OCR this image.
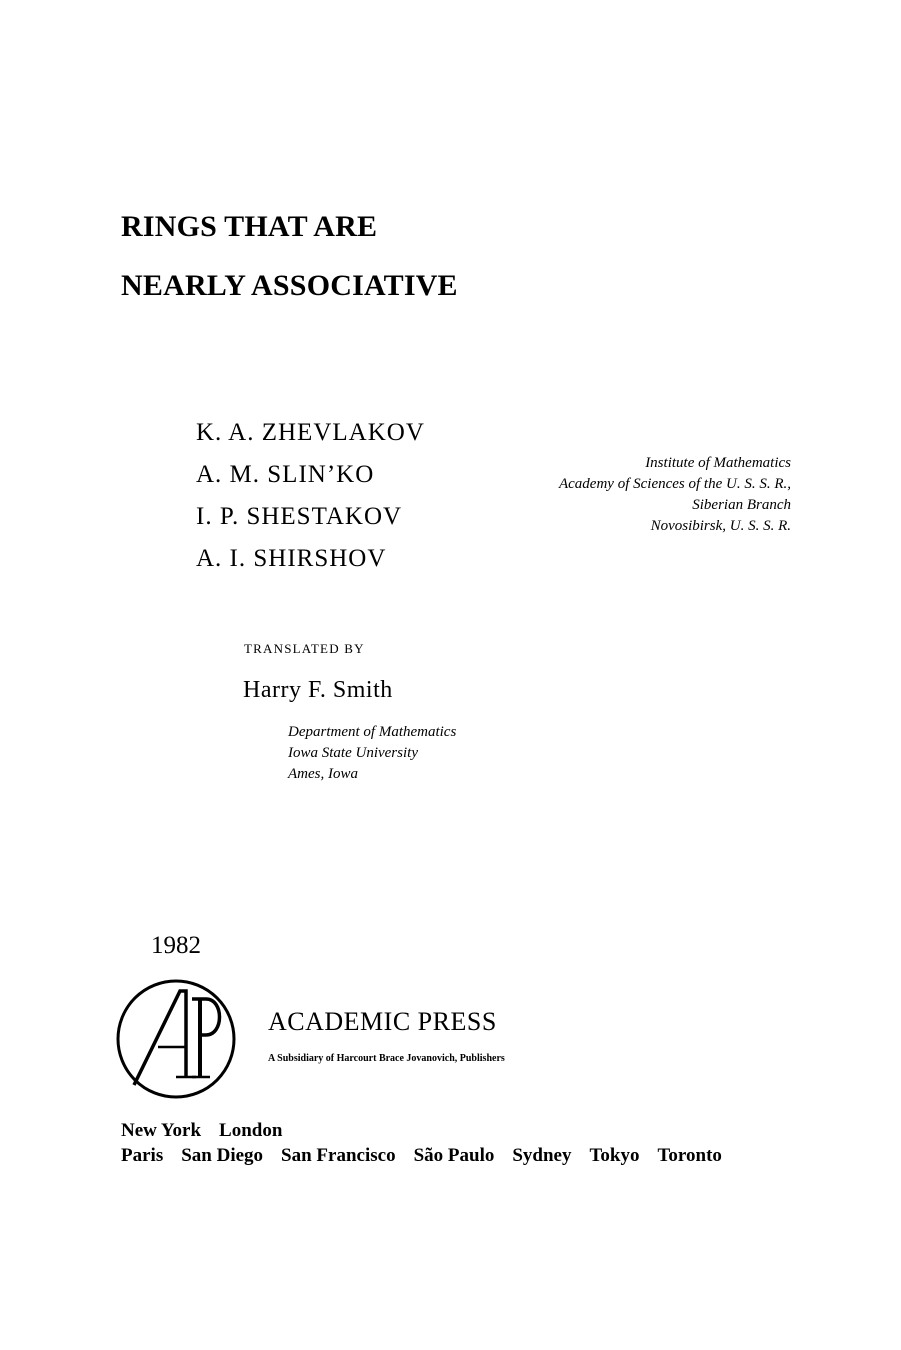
RINGS THAT ARE
NEARLY ASSOCIATIVE
K. A. ZHEVLAKOV
A. M. SLIN’KO
I. P. SHESTAKOV
A. I. SHIRSHOV
Institute of Mathematics
Academy of Sciences of the U. S. S. R.,
Siberian Branch
Novosibirsk, U. S. S. R.
TRANSLATED BY
Harry F. Smith
Department of Mathematics
Iowa State University
Ames, Iowa
1982
ACADEMIC PRESS
A Subsidiary of Harcourt Brace Jovanovich, Publishers
New York London
Paris San Diego San Francisco São Paulo Sydney Tokyo Toronto
